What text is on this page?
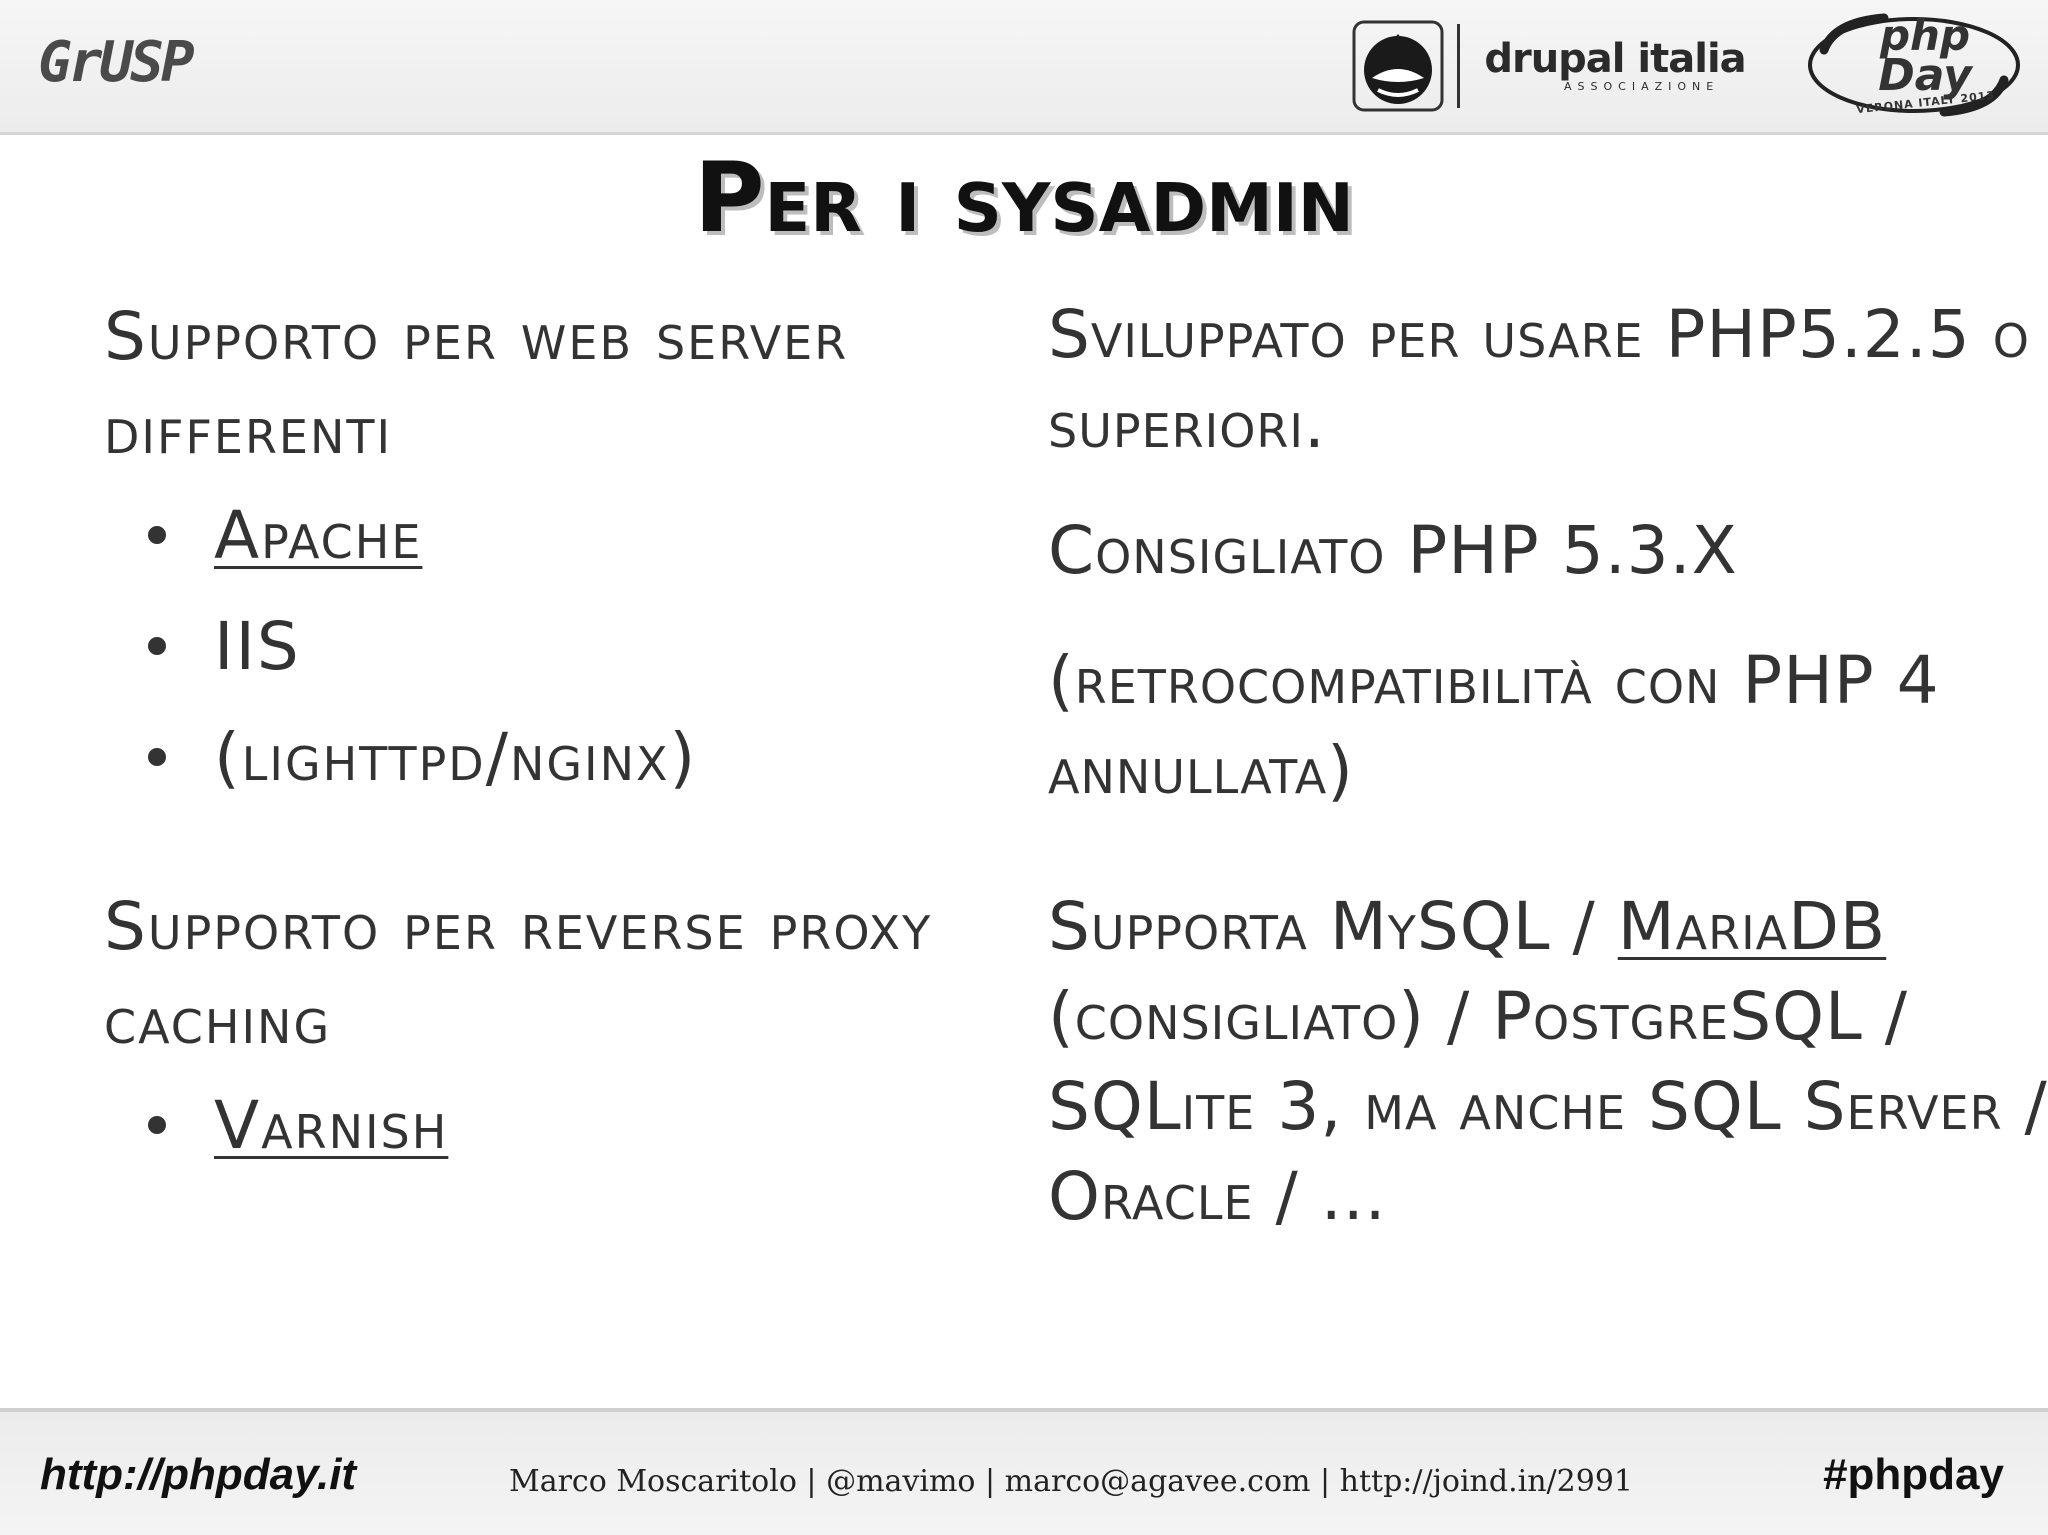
GrUSP	drupal italia
ASSOCIAZIONE
php
Day
VERONA ITALY 2013
Per i sysadmin

Supporto per web server differenti

Apache
IIS
(lighttpd/nginx)

Supporto per reverse proxy caching

Varnish

Sviluppato per usare PHP5.2.5 o superiori.

Consigliato PHP 5.3.X

(retrocompatibilità con PHP 4 annullata)

Supporta MySQL / MariaDB (consigliato) / PostgreSQL / SQLite 3, ma anche SQL Server / Oracle / ...

http://phpday.it	Marco Moscaritolo | @mavimo | marco@agavee.com | http://joind.in/2991	#phpday
